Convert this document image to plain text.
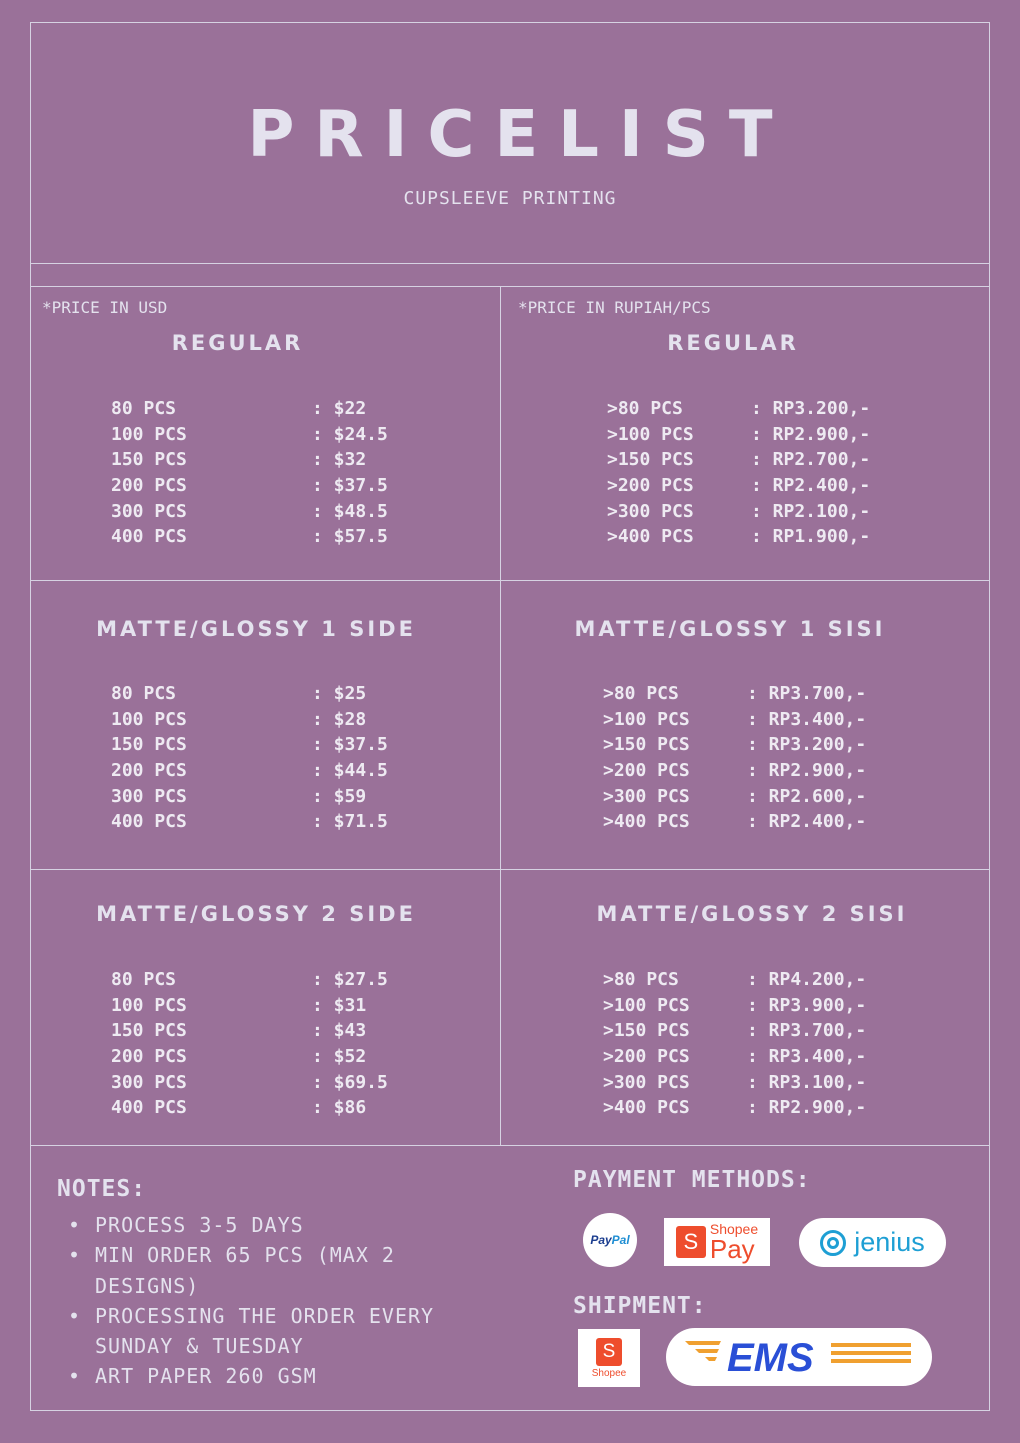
PRICELIST
CUPSLEEVE PRINTING
*PRICE IN USD	*PRICE IN RUPIAH/PCS
REGULAR
80 PCS	: $22
100 PCS	: $24.5
150 PCS	: $32
200 PCS	: $37.5
300 PCS	: $48.5
400 PCS	: $57.5
MATTE/GLOSSY 1 SIDE
80 PCS	: $25
100 PCS	: $28
150 PCS	: $37.5
200 PCS	: $44.5
300 PCS	: $59
400 PCS	: $71.5
MATTE/GLOSSY 2 SIDE
80 PCS	: $27.5
100 PCS	: $31
150 PCS	: $43
200 PCS	: $52
300 PCS	: $69.5
400 PCS	: $86
REGULAR
>80 PCS	: RP3.200,-
>100 PCS	: RP2.900,-
>150 PCS	: RP2.700,-
>200 PCS	: RP2.400,-
>300 PCS	: RP2.100,-
>400 PCS	: RP1.900,-
MATTE/GLOSSY 1 SISI
>80 PCS	: RP3.700,-
>100 PCS	: RP3.400,-
>150 PCS	: RP3.200,-
>200 PCS	: RP2.900,-
>300 PCS	: RP2.600,-
>400 PCS	: RP2.400,-
MATTE/GLOSSY 2 SISI
>80 PCS	: RP4.200,-
>100 PCS	: RP3.900,-
>150 PCS	: RP3.700,-
>200 PCS	: RP3.400,-
>300 PCS	: RP3.100,-
>400 PCS	: RP2.900,-
NOTES:
• PROCESS 3-5 DAYS
• MIN ORDER 65 PCS (MAX 2 DESIGNS)
• PROCESSING THE ORDER EVERY SUNDAY & TUESDAY
• ART PAPER 260 GSM
PAYMENT METHODS:
Pay Pal	S Shopee
Pay	jenius
SHIPMENT:
S
Shopee	EMS
